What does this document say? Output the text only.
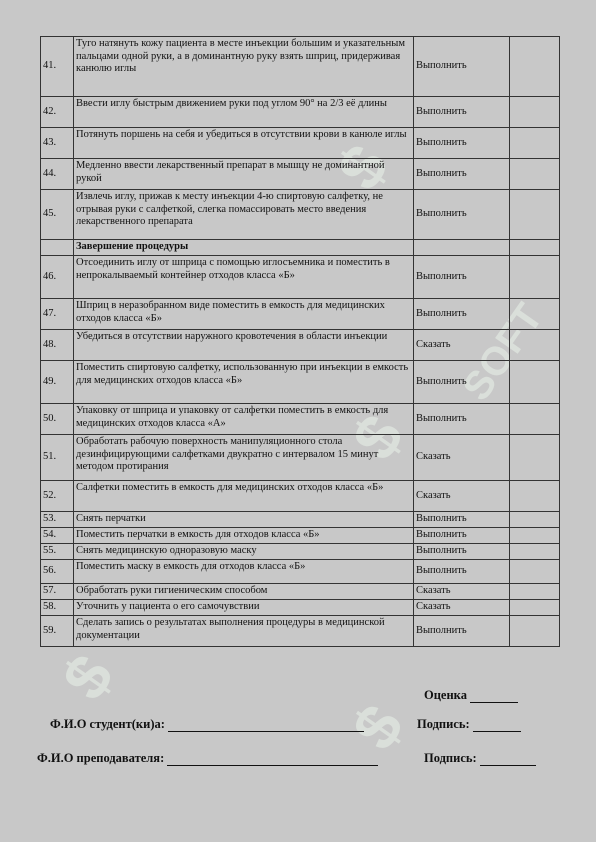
$
$
$
$
SOFT
41.	Туго натянуть кожу пациента в месте инъекции большим и указательным пальцами одной руки, а в доминантную руку взять шприц, придерживая канюлю иглы	Выполнить	
42.	Ввести иглу быстрым движением руки под углом 90° на 2/3 её длины	Выполнить	
43.	Потянуть поршень на себя и убедиться в отсутствии крови в канюле иглы	Выполнить	
44.	Медленно ввести лекарственный препарат в мышцу не доминантной рукой	Выполнить	
45.	Извлечь иглу, прижав к месту инъекции 4-ю спиртовую салфетку, не отрывая руки с салфеткой, слегка помассировать место введения лекарственного препарата	Выполнить	
	Завершение процедуры		
46.	Отсоединить иглу от шприца с помощью иглосъемника и поместить в непрокалываемый контейнер отходов класса «Б»	Выполнить	
47.	Шприц в неразобранном виде поместить в емкость для медицинских отходов класса «Б»	Выполнить	
48.	Убедиться в отсутствии наружного кровотечения в области инъекции	Сказать	
49.	Поместить спиртовую салфетку, использованную при инъекции в емкость для медицинских отходов класса «Б»	Выполнить	
50.	Упаковку от шприца и упаковку от салфетки поместить в емкость для медицинских отходов класса «А»	Выполнить	
51.	Обработать рабочую поверхность манипуляционного стола дезинфицирующими салфетками двукратно с интервалом 15 минут методом протирания	Сказать	
52.	Салфетки поместить в емкость для медицинских отходов класса «Б»	Сказать	
53.	Снять перчатки	Выполнить	
54.	Поместить перчатки в емкость для отходов класса «Б»	Выполнить	
55.	Снять медицинскую одноразовую маску	Выполнить	
56.	Поместить маску в емкость для отходов класса «Б»	Выполнить	
57.	Обработать руки гигиеническим способом	Сказать	
58.	Уточнить у пациента о его самочувствии	Сказать	
59.	Сделать запись о результатах выполнения процедуры в медицинской документации	Выполнить	
Оценка
Ф.И.О студент(ки)а:	Подпись:
Ф.И.О преподавателя:	Подпись:
